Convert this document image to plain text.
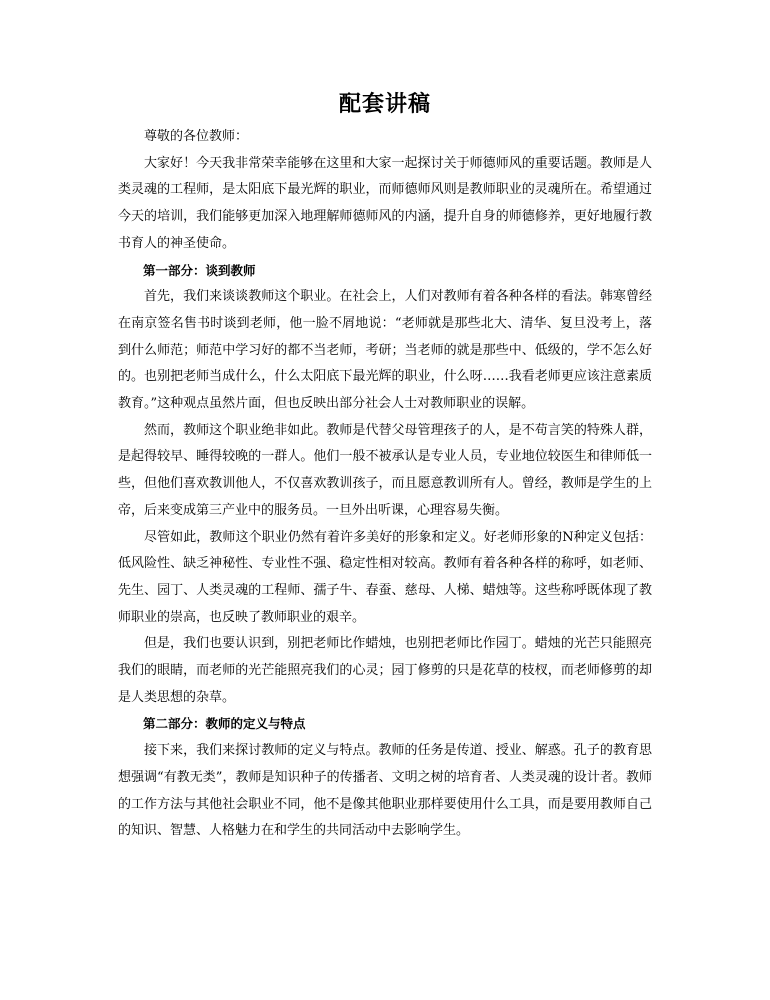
配套讲稿

尊敬的各位教师：

大家好！今天我非常荣幸能够在这里和大家一起探讨关于师德师风的重要话题。教师是人类灵魂的工程师，是太阳底下最光辉的职业，而师德师风则是教师职业的灵魂所在。希望通过今天的培训，我们能够更加深入地理解师德师风的内涵，提升自身的师德修养，更好地履行教书育人的神圣使命。

第一部分：谈到教师

首先，我们来谈谈教师这个职业。在社会上，人们对教师有着各种各样的看法。韩寒曾经在南京签名售书时谈到老师，他一脸不屑地说：“老师就是那些北大、清华、复旦没考上，落到什么师范；师范中学习好的都不当老师，考研；当老师的就是那些中、低级的，学不怎么好的。也别把老师当成什么，什么太阳底下最光辉的职业，什么呀……我看老师更应该注意素质教育。”这种观点虽然片面，但也反映出部分社会人士对教师职业的误解。

然而，教师这个职业绝非如此。教师是代替父母管理孩子的人，是不苟言笑的特殊人群，是起得较早、睡得较晚的一群人。他们一般不被承认是专业人员，专业地位较医生和律师低一些，但他们喜欢教训他人，不仅喜欢教训孩子，而且愿意教训所有人。曾经，教师是学生的上帝，后来变成第三产业中的服务员。一旦外出听课，心理容易失衡。

尽管如此，教师这个职业仍然有着许多美好的形象和定义。好老师形象的N种定义包括：低风险性、缺乏神秘性、专业性不强、稳定性相对较高。教师有着各种各样的称呼，如老师、先生、园丁、人类灵魂的工程师、孺子牛、春蚕、慈母、人梯、蜡烛等。这些称呼既体现了教师职业的崇高，也反映了教师职业的艰辛。

但是，我们也要认识到，别把老师比作蜡烛，也别把老师比作园丁。蜡烛的光芒只能照亮我们的眼睛，而老师的光芒能照亮我们的心灵；园丁修剪的只是花草的枝杈，而老师修剪的却是人类思想的杂草。

第二部分：教师的定义与特点

接下来，我们来探讨教师的定义与特点。教师的任务是传道、授业、解惑。孔子的教育思想强调“有教无类”，教师是知识种子的传播者、文明之树的培育者、人类灵魂的设计者。教师的工作方法与其他社会职业不同，他不是像其他职业那样要使用什么工具，而是要用教师自己的知识、智慧、人格魅力在和学生的共同活动中去影响学生。
